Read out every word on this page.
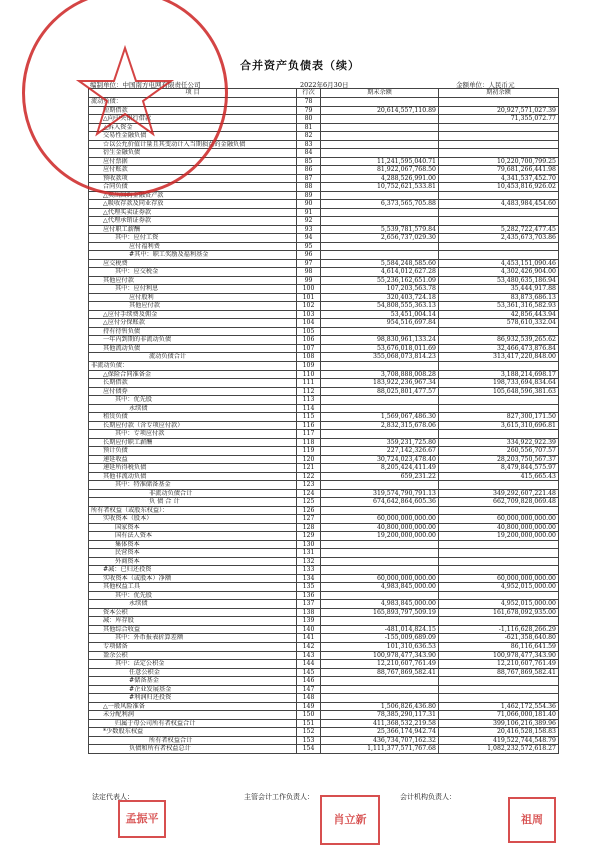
合并资产负债表（续）
编制单位：中国南方电网有限责任公司	2022年6月30日	金额单位：人民币元
项 目	行次	期末余额	期初余额
流动负债：	78		
短期借款	79	20,614,557,110.89	20,927,571,027.39
△向中央银行借款	80		71,355,072.77
△拆入资金	81		
交易性金融负债	82		
☆以公允价值计量且其变动计入当期损益的金融负债	83		
衍生金融负债	84		
应付票据	85	11,241,595,040.71	10,220,700,799.25
应付账款	86	81,922,067,768.50	79,681,266,441.98
预收款项	87	4,288,526,991.00	4,341,537,452.70
合同负债	88	10,752,621,533.81	10,453,816,926.02
△卖出回购金融资产款	89		
△吸收存款及同业存放	90	6,373,565,705.88	4,483,984,454.60
△代理买卖证券款	91		
△代理承销证券款	92		
应付职工薪酬	93	5,539,781,579.84	5,282,722,477.45
其中：应付工资	94	2,656,737,029.30	2,435,673,703.86
应付福利费	95		
#其中：职工奖励及福利基金	96		
应交税费	97	5,584,248,585.60	4,453,151,090.46
其中：应交税金	98	4,614,012,627.28	4,302,426,904.00
其他应付款	99	55,236,162,651.09	53,480,635,186.94
其中：应付利息	100	107,203,563.78	35,444,917.88
应付股利	101	320,403,724.18	83,873,686.13
其他应付款	102	54,808,555,363.13	53,361,316,582.93
△应付手续费及佣金	103	53,451,004.14	42,856,443.94
△应付分保账款	104	954,516,697.84	578,610,332.04
持有待售负债	105		
一年内到期的非流动负债	106	98,830,961,133.24	86,932,539,265.62
其他流动负债	107	53,676,018,011.69	32,466,473,876.84
流动负债合计	108	355,068,073,814.23	313,417,220,848.00
非流动负债：	109		
△保险合同准备金	110	3,708,888,008.28	3,188,214,698.17
长期借款	111	183,922,236,967.34	198,733,694,834.64
应付债券	112	88,025,801,477.57	105,648,596,381.63
其中：优先股	113		
永续债	114		
租赁负债	115	1,569,067,486.30	827,300,171.50
长期应付款（含专项应付款）	116	2,832,315,678.06	3,615,310,696.81
其中：专项应付款	117		
长期应付职工薪酬	118	359,231,725.80	334,922,922.39
预计负债	119	227,142,326.67	260,556,707.57
递延收益	120	30,724,023,478.40	28,203,750,567.37
递延所得税负债	121	8,205,424,411.49	8,479,844,575.97
其他非流动负债	122	659,231.22	415,665.43
其中：特准储备基金	123		
非流动负债合计	124	319,574,790,791.13	349,292,607,221.48
负 债 合 计	125	674,642,864,605.36	662,709,828,069.48
所有者权益（或股东权益）：	126		
实收资本（股本）	127	60,000,000,000.00	60,000,000,000.00
国家资本	128	40,800,000,000.00	40,800,000,000.00
国有法人资本	129	19,200,000,000.00	19,200,000,000.00
集体资本	130		
民营资本	131		
外商资本	132		
#减：已归还投资	133		
实收资本（或股本）净额	134	60,000,000,000.00	60,000,000,000.00
其他权益工具	135	4,983,845,000.00	4,952,015,000.00
其中：优先股	136		
永续债	137	4,983,845,000.00	4,952,015,000.00
资本公积	138	165,893,797,509.19	161,678,092,935.00
减：库存股	139		
其他综合收益	140	-481,014,824.15	-1,116,628,266.29
其中：外币报表折算差额	141	-155,009,689.09	-621,358,640.80
专项储备	142	101,310,636.53	86,116,641.59
盈余公积	143	100,978,477,343.90	100,978,477,343.90
其中：法定公积金	144	12,210,607,761.49	12,210,607,761.49
任意公积金	145	88,767,869,582.41	88,767,869,582.41
#储备基金	146		
#企业发展基金	147		
#利润归还投资	148		
△一般风险准备	149	1,506,826,436.80	1,462,172,554.36
未分配利润	150	78,385,290,117.31	71,066,000,181.40
归属于母公司所有者权益合计	151	411,368,532,219.58	399,106,216,389.96
*少数股东权益	152	25,366,174,942.74	20,416,528,158.83
所有者权益合计	153	436,734,707,162.32	419,522,744,548.79
负债和所有者权益总计	154	1,111,377,571,767.68	1,082,232,572,618.27
法定代表人：	主管会计工作负责人：	会计机构负责人：
孟振平	肖立新	祖周
